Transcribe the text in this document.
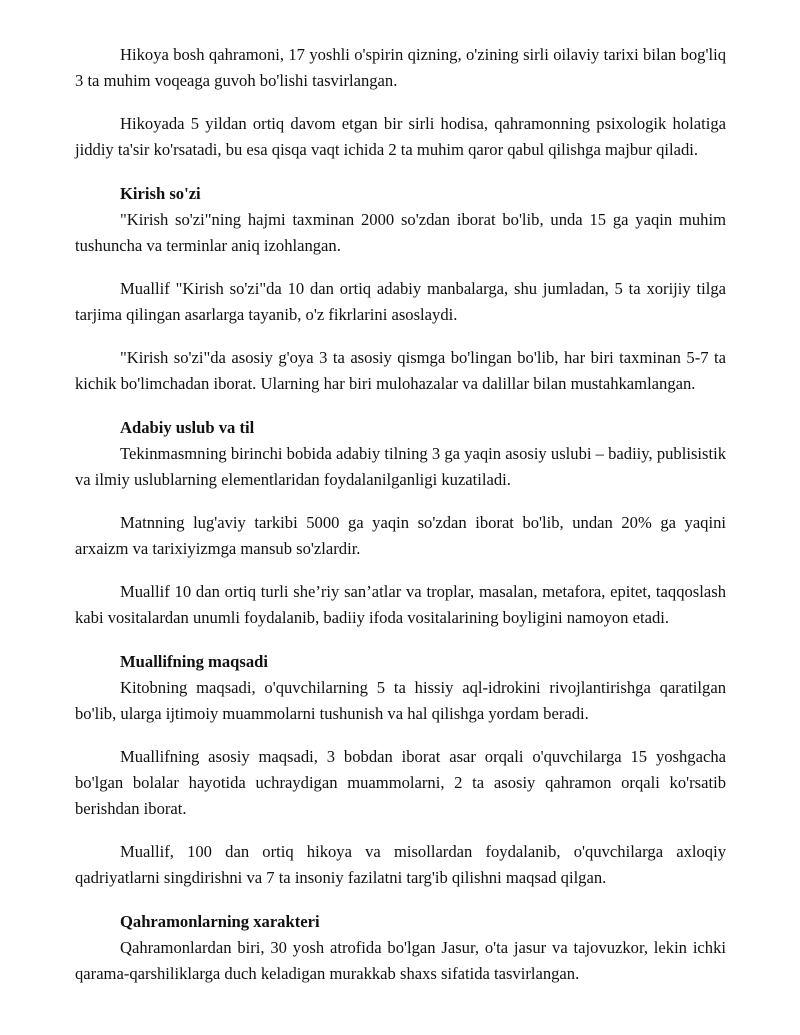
Hikoya bosh qahramoni, 17 yoshli o'spirin qizning, o'zining sirli oilaviy tarixi bilan bog'liq 3 ta muhim voqeaga guvoh bo'lishi tasvirlangan.

Hikoyada 5 yildan ortiq davom etgan bir sirli hodisa, qahramonning psixologik holatiga jiddiy ta'sir ko'rsatadi, bu esa qisqa vaqt ichida 2 ta muhim qaror qabul qilishga majbur qiladi.

Kirish so'zi

"Kirish so'zi"ning hajmi taxminan 2000 so'zdan iborat bo'lib, unda 15 ga yaqin muhim tushuncha va terminlar aniq izohlangan.

Muallif "Kirish so'zi"da 10 dan ortiq adabiy manbalarga, shu jumladan, 5 ta xorijiy tilga tarjima qilingan asarlarga tayanib, o'z fikrlarini asoslaydi.

"Kirish so'zi"da asosiy g'oya 3 ta asosiy qismga bo'lingan bo'lib, har biri taxminan 5-7 ta kichik bo'limchadan iborat. Ularning har biri mulohazalar va dalillar bilan mustahkamlangan.

Adabiy uslub va til

Tekinmasmning birinchi bobida adabiy tilning 3 ga yaqin asosiy uslubi – badiiy, publisistik va ilmiy uslublarning elementlaridan foydalanilganligi kuzatiladi.

Matnning lug'aviy tarkibi 5000 ga yaqin so'zdan iborat bo'lib, undan 20% ga yaqini arxaizm va tarixiyizmga mansub so'zlardir.

Muallif 10 dan ortiq turli she’riy san’atlar va troplar, masalan, metafora, epitet, taqqoslash kabi vositalardan unumli foydalanib, badiiy ifoda vositalarining boyligini namoyon etadi.

Muallifning maqsadi

Kitobning maqsadi, o'quvchilarning 5 ta hissiy aql-idrokini rivojlantirishga qaratilgan bo'lib, ularga ijtimoiy muammolarni tushunish va hal qilishga yordam beradi.

Muallifning asosiy maqsadi, 3 bobdan iborat asar orqali o'quvchilarga 15 yoshgacha bo'lgan bolalar hayotida uchraydigan muammolarni, 2 ta asosiy qahramon orqali ko'rsatib berishdan iborat.

Muallif, 100 dan ortiq hikoya va misollardan foydalanib, o'quvchilarga axloqiy qadriyatlarni singdirishni va 7 ta insoniy fazilatni targ'ib qilishni maqsad qilgan.

Qahramonlarning xarakteri

Qahramonlardan biri, 30 yosh atrofida bo'lgan Jasur, o'ta jasur va tajovuzkor, lekin ichki qarama-qarshiliklarga duch keladigan murakkab shaxs sifatida tasvirlangan.
